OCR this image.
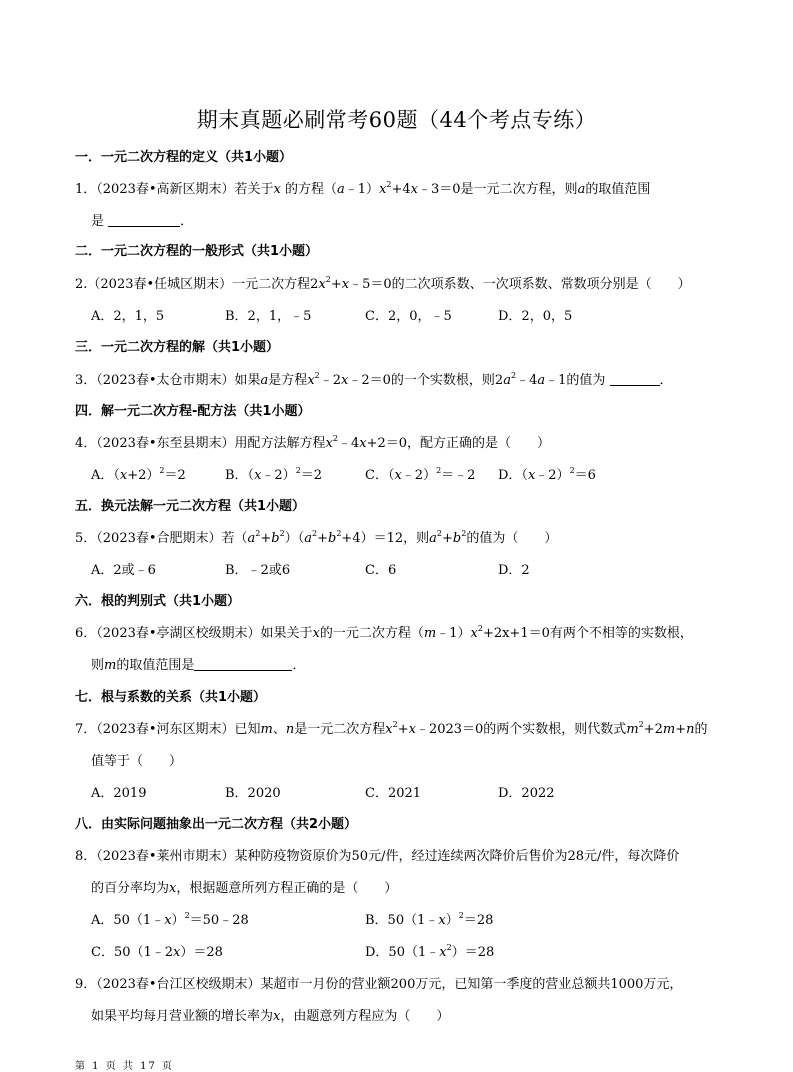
期末真题必刷常考60题（44个考点专练）
一．一元二次方程的定义（共1小题）
1．（2023春•高新区期末）若关于x 的方程$(a﹣1)x^2+4x﹣3=0$是一元二次方程，则a的取值范围
是	．
二．一元二次方程的一般形式（共1小题）
2.（2023春•任城区期末）一元二次方程$2x^2+x﹣5=0$的二次项系数、一次项系数、常数项分别是（　　）
A．2，1，5	B．2，1，﹣5	C．2，0，﹣5	D．2，0，5
三．一元二次方程的解（共1小题）
3．（2023春•太仓市期末）如果a是方程$x^2﹣2x﹣2=0$的一个实数根，则$2a^2﹣4a﹣1$的值为	．
四．解一元二次方程-配方法（共1小题）
4．（2023春•东至县期末）用配方法解方程$x^2﹣4x+2=0$，配方正确的是（　　）
A．$(x+2)^2=2$	B．（x﹣2）$^2$＝2	C．（x﹣2）$^2$＝﹣2 D．（x﹣2）$^2$＝6
五．换元法解一元二次方程（共1小题）
5．（2023春•合肥期末）若$(a^2+b^2)(a^2+b^2+4)=12$，则$a^2+b^2$的值为（　　）
A．2或﹣6	B．﹣2或6	C．6	D．2
六．根的判别式（共1小题）
6．（2023春•亭湖区校级期末）如果关于x的一元二次方程$(m﹣1)x^2+2x+1=0$有两个不相等的实数根，
则m的取值范围是	．
七．根与系数的关系（共1小题）
7．（2023春•河东区期末）已知m、n是一元二次方程$x^2+x﹣2023=0$的两个实数根，则代数式$m^2+2m+n$的
值等于（　　）
A．2019	B．2020	C．2021	D．2022
八．由实际问题抽象出一元二次方程（共2小题）
8．（2023春•莱州市期末）某种防疫物资原价为50元/件，经过连续两次降价后售价为28元/件，每次降价
的百分率均为x，根据题意所列方程正确的是（　　）
A．50（1﹣x）$^2$＝50﹣28	B．50（1﹣x）$^2$＝28
C．50（1﹣2x）＝28	D．$50(1﹣x^2)=28$
9．（2023春•台江区校级期末）某超市一月份的营业额200万元，已知第一季度的营业总额共1000万元，
如果平均每月营业额的增长率为x，由题意列方程应为（　　）
第 1 页 共 17 页
